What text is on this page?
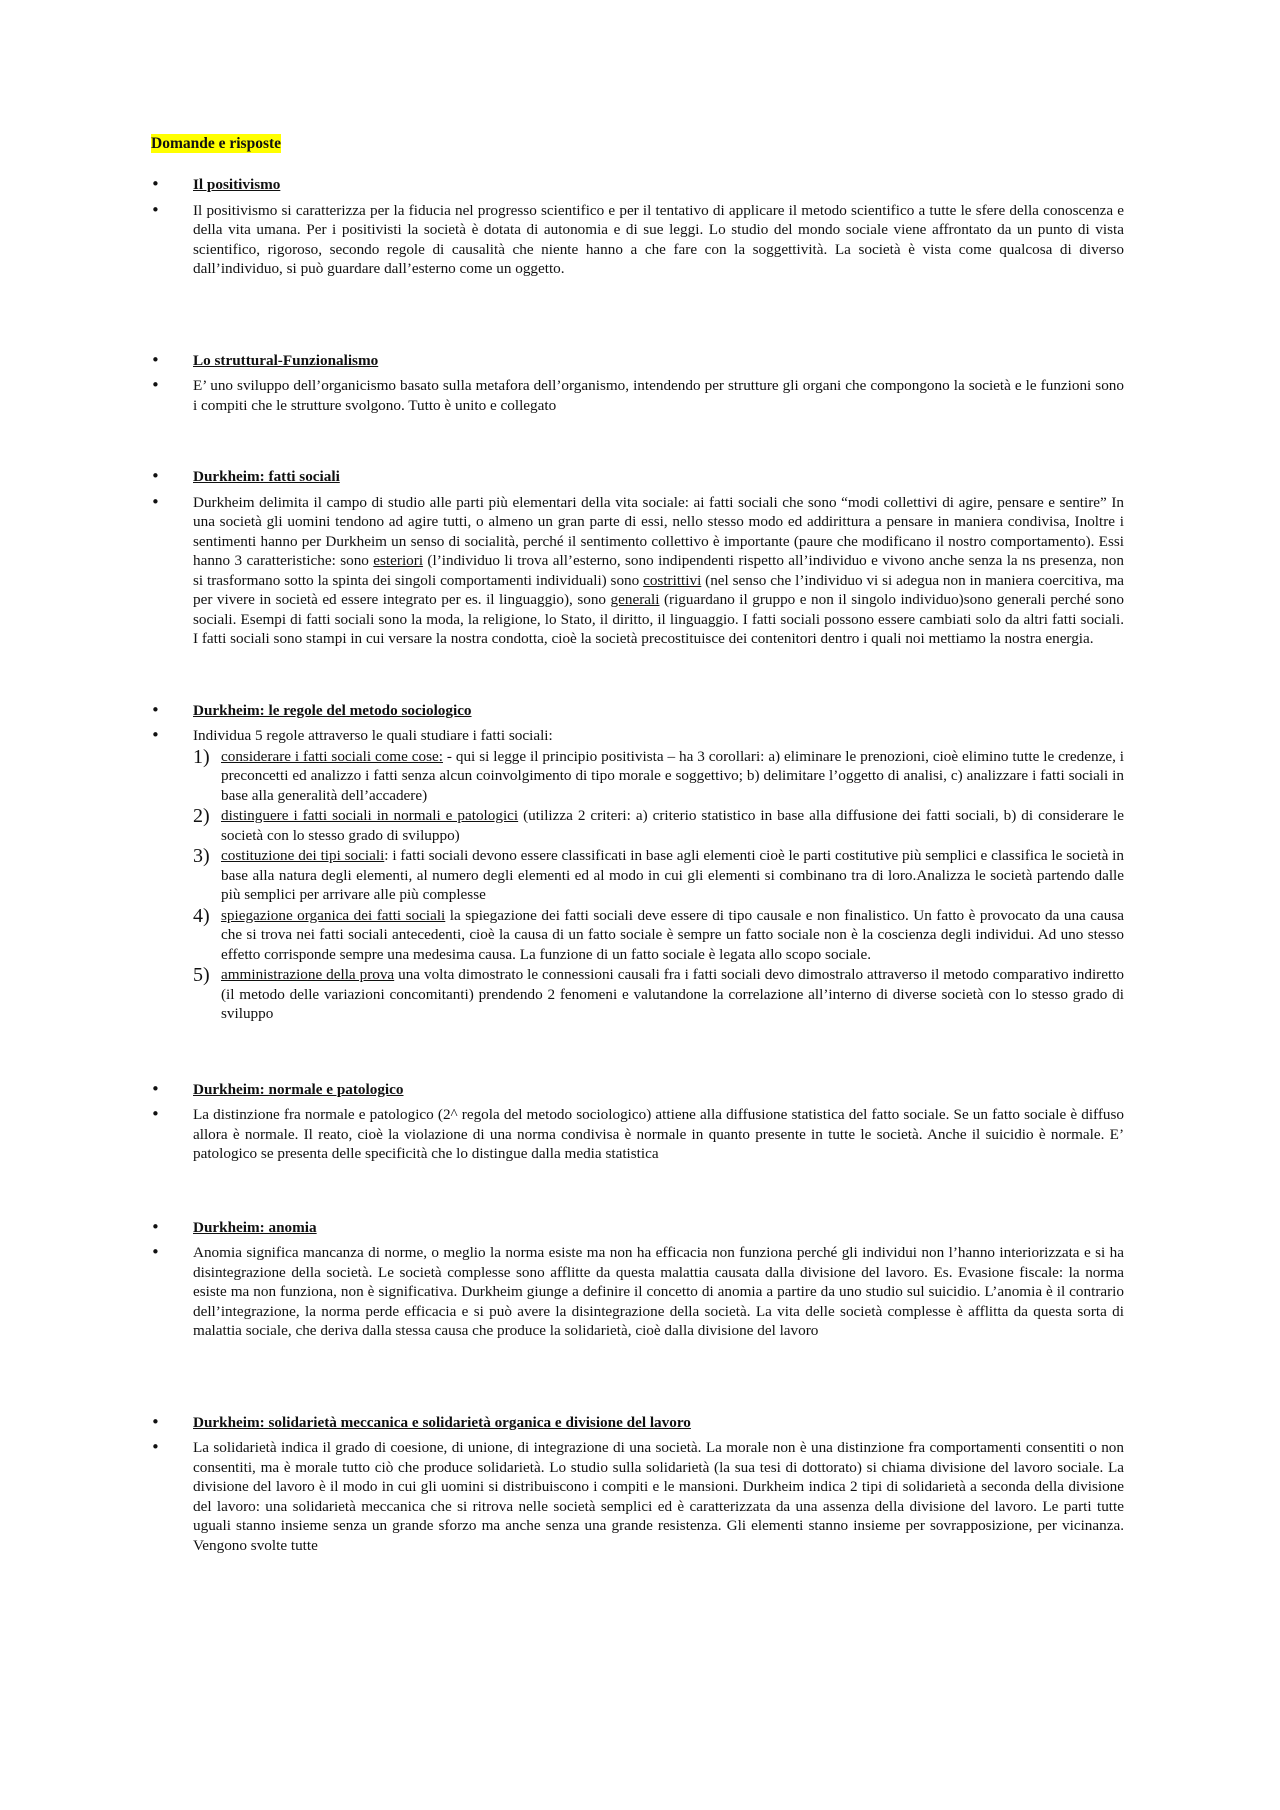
Domande e risposte
•
Il positivismo
•
Il positivismo si caratterizza per la fiducia nel progresso scientifico e per il tentativo di applicare il metodo scientifico a tutte le sfere della conoscenza e della vita umana. Per i positivisti la società è dotata di autonomia e di sue leggi. Lo studio del mondo sociale viene affrontato da un punto di vista scientifico, rigoroso, secondo regole di causalità che niente hanno a che fare con la soggettività. La società è vista come qualcosa di diverso dall’individuo, si può guardare dall’esterno come un oggetto.
•
Lo struttural-Funzionalismo
•
E’ uno sviluppo dell’organicismo basato sulla metafora dell’organismo, intendendo per strutture gli organi che compongono la società e le funzioni sono i compiti che le strutture svolgono. Tutto è unito e collegato
•
Durkheim: fatti sociali
•
Durkheim delimita il campo di studio alle parti più elementari della vita sociale: ai fatti sociali che sono “modi collettivi di agire, pensare e sentire” In una società gli uomini tendono ad agire tutti, o almeno un gran parte di essi, nello stesso modo ed addirittura a pensare in maniera condivisa, Inoltre i sentimenti hanno per Durkheim un senso di socialità, perché il sentimento collettivo è importante (paure che modificano il nostro comportamento). Essi hanno 3 caratteristiche: sono esteriori (l’individuo li trova all’esterno, sono indipendenti rispetto all’individuo e vivono anche senza la ns presenza, non si trasformano sotto la spinta dei singoli comportamenti individuali) sono costrittivi (nel senso che l’individuo vi si adegua non in maniera coercitiva, ma per vivere in società ed essere integrato per es. il linguaggio), sono generali (riguardano il gruppo e non il singolo individuo)sono generali perché sono sociali. Esempi di fatti sociali sono la moda, la religione, lo Stato, il diritto, il linguaggio. I fatti sociali possono essere cambiati solo da altri fatti sociali. I fatti sociali sono stampi in cui versare la nostra condotta, cioè la società precostituisce dei contenitori dentro i quali noi mettiamo la nostra energia.
•
Durkheim: le regole del metodo sociologico
•
Individua 5 regole attraverso le quali studiare i fatti sociali:
1) considerare i fatti sociali come cose: - qui si legge il principio positivista – ha 3 corollari: a) eliminare le prenozioni, cioè elimino tutte le credenze, i preconcetti ed analizzo i fatti senza alcun coinvolgimento di tipo morale e soggettivo; b) delimitare l’oggetto di analisi, c) analizzare i fatti sociali in base alla generalità dell’accadere)
2) distinguere i fatti sociali in normali e patologici (utilizza 2 criteri: a) criterio statistico in base alla diffusione dei fatti sociali, b) di considerare le società con lo stesso grado di sviluppo)
3) costituzione dei tipi sociali: i fatti sociali devono essere classificati in base agli elementi cioè le parti costitutive più semplici e classifica le società in base alla natura degli elementi, al numero degli elementi ed al modo in cui gli elementi si combinano tra di loro.Analizza le società partendo dalle più semplici per arrivare alle più complesse
4) spiegazione organica dei fatti sociali la spiegazione dei fatti sociali deve essere di tipo causale e non finalistico. Un fatto è provocato da una causa che si trova nei fatti sociali antecedenti, cioè la causa di un fatto sociale è sempre un fatto sociale non è la coscienza degli individui. Ad uno stesso effetto corrisponde sempre una medesima causa. La funzione di un fatto sociale è legata allo scopo sociale.
5) amministrazione della prova una volta dimostrato le connessioni causali fra i fatti sociali devo dimostralo attraverso il metodo comparativo indiretto (il metodo delle variazioni concomitanti) prendendo 2 fenomeni e valutandone la correlazione all’interno di diverse società con lo stesso grado di sviluppo
•
Durkheim: normale e patologico
•
La distinzione fra normale e patologico (2^ regola del metodo sociologico) attiene alla diffusione statistica del fatto sociale. Se un fatto sociale è diffuso allora è normale. Il reato, cioè la violazione di una norma condivisa è normale in quanto presente in tutte le società. Anche il suicidio è normale. E’ patologico se presenta delle specificità che lo distingue dalla media statistica
•
Durkheim: anomia
•
Anomia significa mancanza di norme, o meglio la norma esiste ma non ha efficacia non funziona perché gli individui non l’hanno interiorizzata e si ha disintegrazione della società. Le società complesse sono afflitte da questa malattia causata dalla divisione del lavoro. Es. Evasione fiscale: la norma esiste ma non funziona, non è significativa. Durkheim giunge a definire il concetto di anomia a partire da uno studio sul suicidio. L’anomia è il contrario dell’integrazione, la norma perde efficacia e si può avere la disintegrazione della società. La vita delle società complesse è afflitta da questa sorta di malattia sociale, che deriva dalla stessa causa che produce la solidarietà, cioè dalla divisione del lavoro
•
Durkheim: solidarietà meccanica e solidarietà organica e divisione del lavoro
•
La solidarietà indica il grado di coesione, di unione, di integrazione di una società. La morale non è una distinzione fra comportamenti consentiti o non consentiti, ma è morale tutto ciò che produce solidarietà. Lo studio sulla solidarietà (la sua tesi di dottorato) si chiama divisione del lavoro sociale. La divisione del lavoro è il modo in cui gli uomini si distribuiscono i compiti e le mansioni. Durkheim indica 2 tipi di solidarietà a seconda della divisione del lavoro: una solidarietà meccanica che si ritrova nelle società semplici ed è caratterizzata da una assenza della divisione del lavoro. Le parti tutte uguali stanno insieme senza un grande sforzo ma anche senza una grande resistenza. Gli elementi stanno insieme per sovrapposizione, per vicinanza. Vengono svolte tutte
